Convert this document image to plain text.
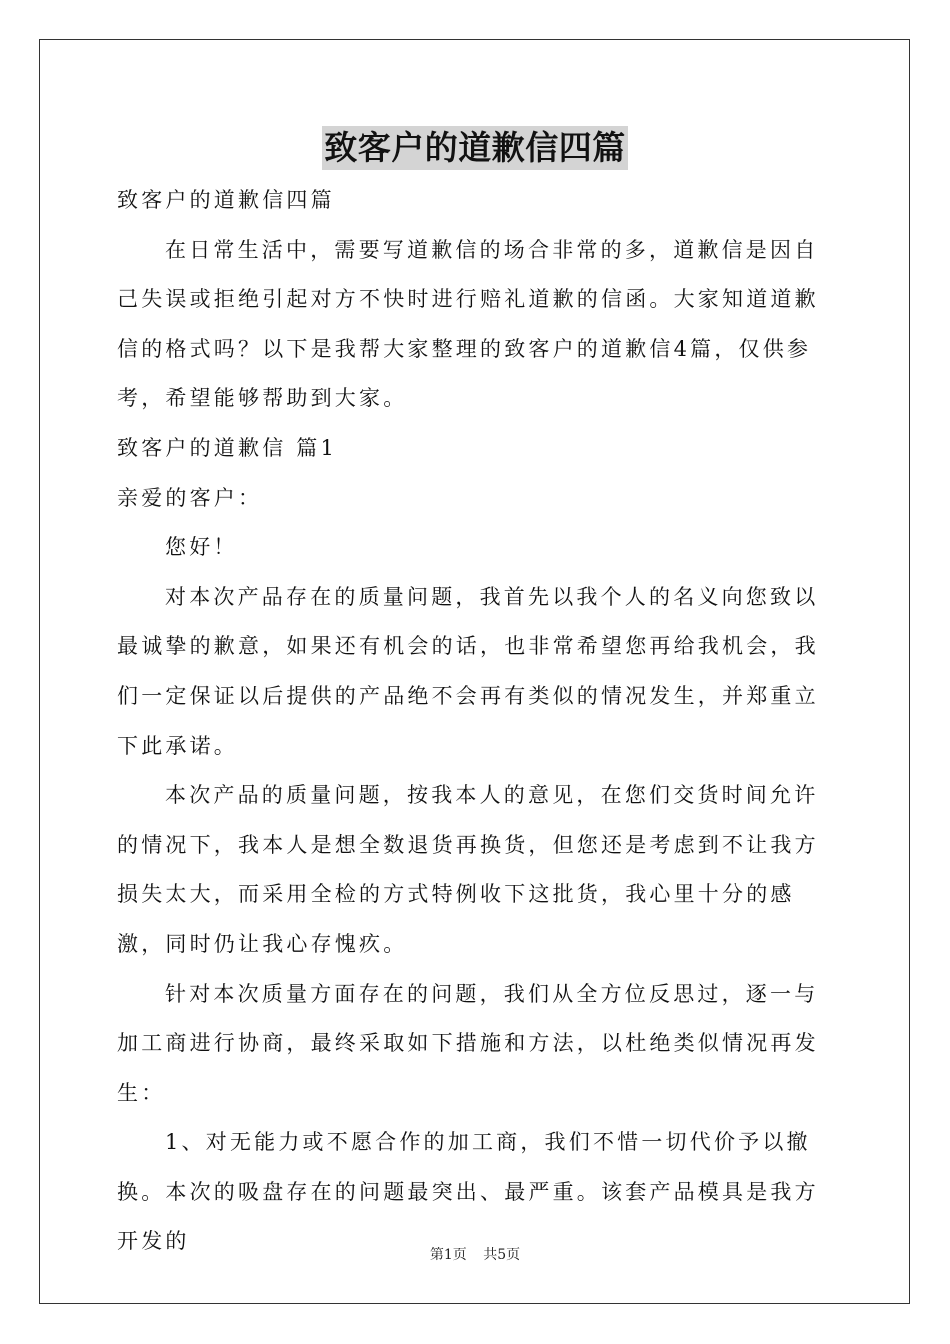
致客户的道歉信四篇

致客户的道歉信四篇

在日常生活中，需要写道歉信的场合非常的多，道歉信是因自己失误或拒绝引起对方不快时进行赔礼道歉的信函。大家知道道歉信的格式吗？以下是我帮大家整理的致客户的道歉信4篇，仅供参考，希望能够帮助到大家。

致客户的道歉信 篇1

亲爱的客户：

您好！

对本次产品存在的质量问题，我首先以我个人的名义向您致以最诚挚的歉意，如果还有机会的话，也非常希望您再给我机会，我们一定保证以后提供的产品绝不会再有类似的情况发生，并郑重立下此承诺。

本次产品的质量问题，按我本人的意见，在您们交货时间允许的情况下，我本人是想全数退货再换货，但您还是考虑到不让我方损失太大，而采用全检的方式特例收下这批货，我心里十分的感激，同时仍让我心存愧疚。

针对本次质量方面存在的问题，我们从全方位反思过，逐一与加工商进行协商，最终采取如下措施和方法，以杜绝类似情况再发生：

1、对无能力或不愿合作的加工商，我们不惜一切代价予以撤换。本次的吸盘存在的问题最突出、最严重。该套产品模具是我方开发的

第1页 共5页
